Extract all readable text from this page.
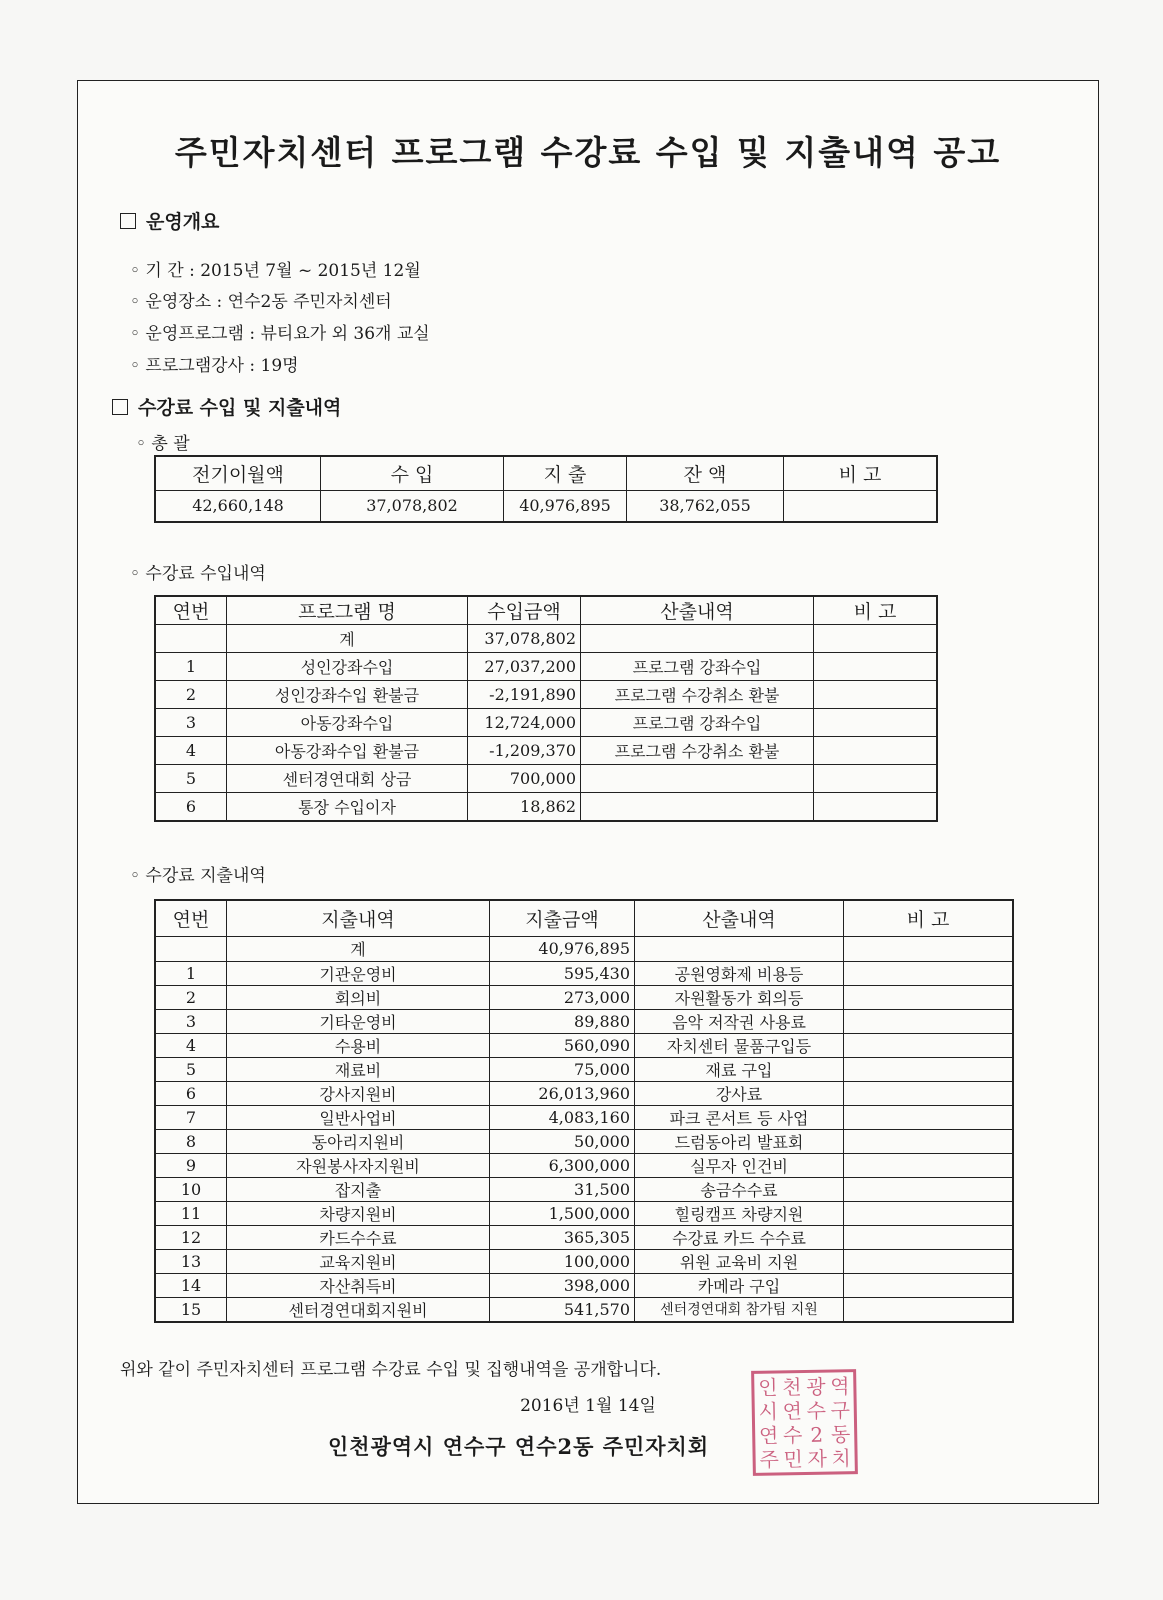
주민자치센터 프로그램 수강료 수입 및 지출내역 공고
운영개요
◦ 기 간 : 2015년 7월 ~ 2015년 12월
◦ 운영장소 : 연수2동 주민자치센터
◦ 운영프로그램 : 뷰티요가 외 36개 교실
◦ 프로그램강사 : 19명
수강료 수입 및 지출내역
◦ 총 괄
전기이월액	수 입	지 출	잔 액	비 고
42,660,148	37,078,802	40,976,895	38,762,055	
◦ 수강료 수입내역
연번	프로그램 명	수입금액	산출내역	비 고
	계	37,078,802		
1	성인강좌수입	27,037,200	프로그램 강좌수입	
2	성인강좌수입 환불금	-2,191,890	프로그램 수강취소 환불	
3	아동강좌수입	12,724,000	프로그램 강좌수입	
4	아동강좌수입 환불금	-1,209,370	프로그램 수강취소 환불	
5	센터경연대회 상금	700,000		
6	통장 수입이자	18,862		
◦ 수강료 지출내역
연번	지출내역	지출금액	산출내역	비 고
	계	40,976,895		
1	기관운영비	595,430	공원영화제 비용등	
2	회의비	273,000	자원활동가 회의등	
3	기타운영비	89,880	음악 저작권 사용료	
4	수용비	560,090	자치센터 물품구입등	
5	재료비	75,000	재료 구입	
6	강사지원비	26,013,960	강사료	
7	일반사업비	4,083,160	파크 콘서트 등 사업	
8	동아리지원비	50,000	드럼동아리 발표회	
9	자원봉사자지원비	6,300,000	실무자 인건비	
10	잡지출	31,500	송금수수료	
11	차량지원비	1,500,000	힐링캠프 차량지원	
12	카드수수료	365,305	수강료 카드 수수료	
13	교육지원비	100,000	위원 교육비 지원	
14	자산취득비	398,000	카메라 구입	
15	센터경연대회지원비	541,570	센터경연대회 참가팀 지원	
위와 같이 주민자치센터 프로그램 수강료 수입 및 집행내역을 공개합니다.
2016년 1월 14일
인천광역시 연수구 연수2동 주민자치회
인 천 광 역
시 연 수 구
연 수 2 동
주 민 자 치
